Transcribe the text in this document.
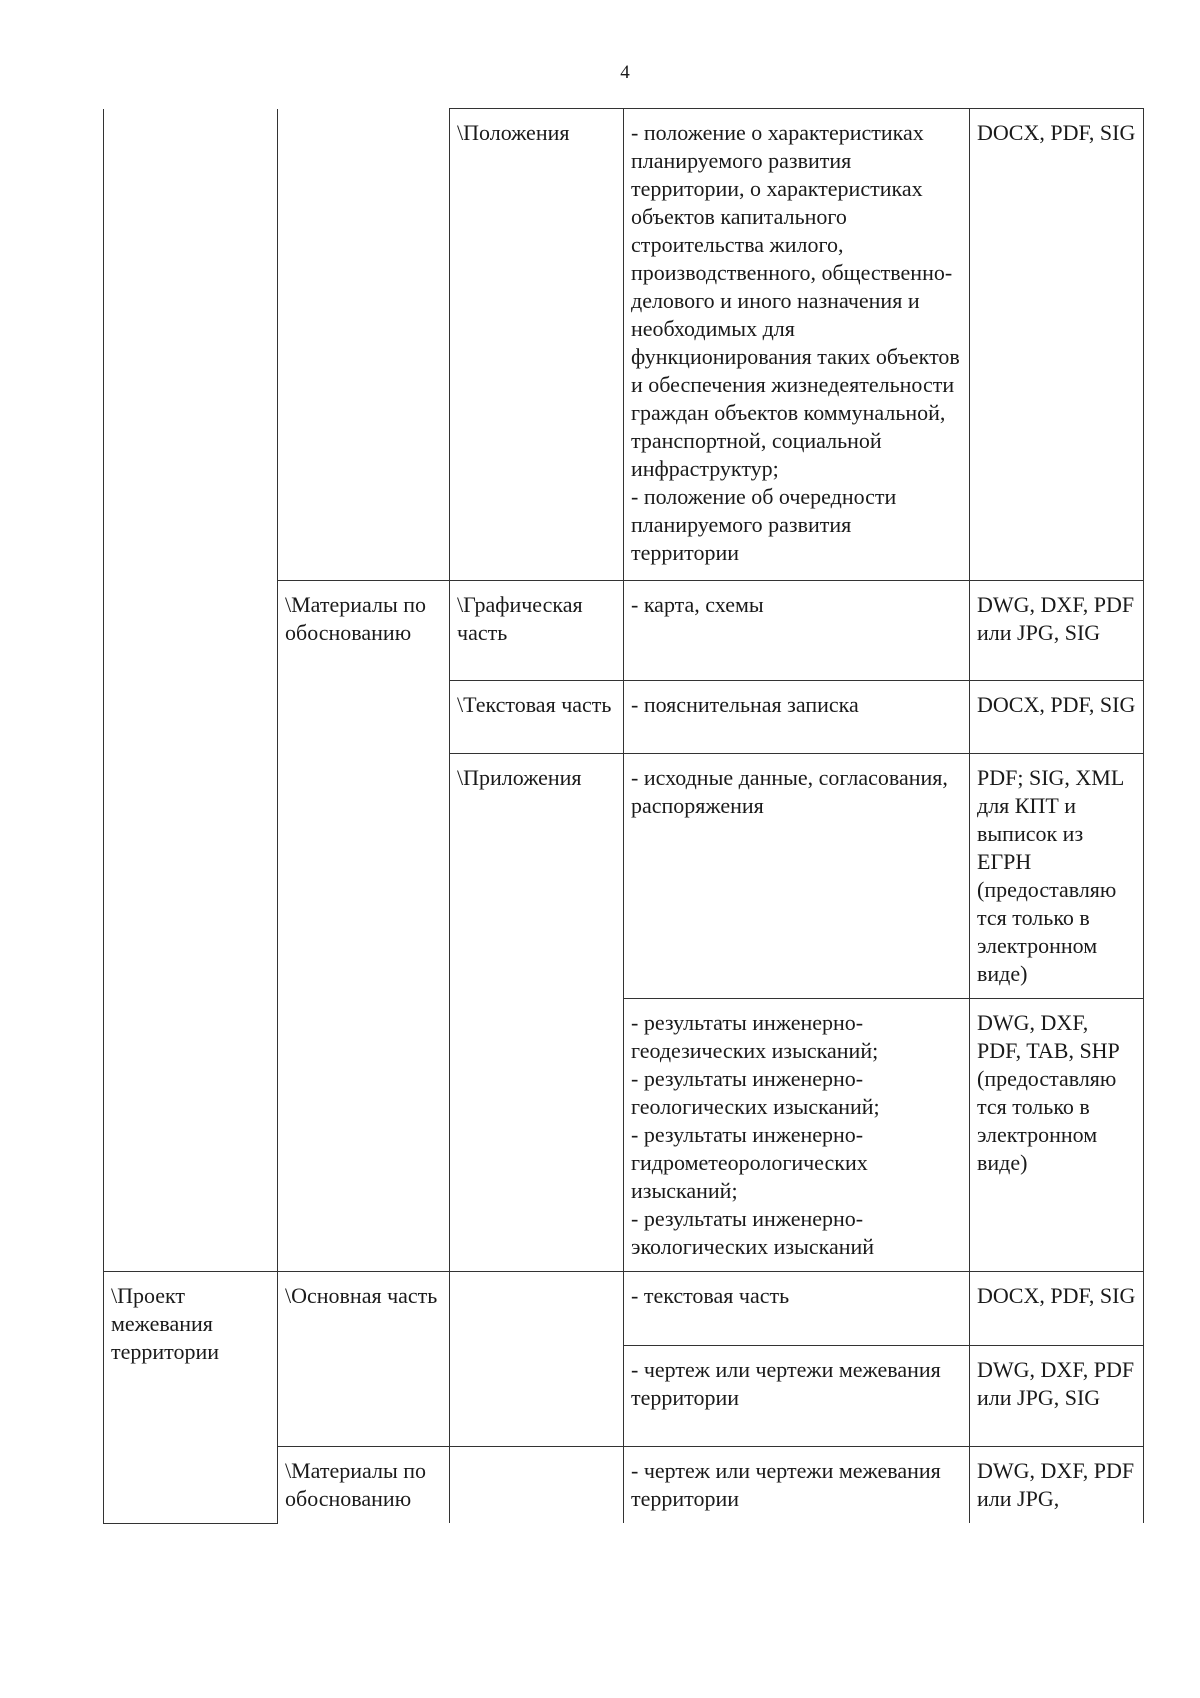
4
		\Положения	- положение о характеристиках планируемого развития территории, о характеристиках объектов капитального строительства жилого, производственного, общественно-делового и иного назначения и необходимых для функционирования таких объектов и обеспечения жизнедеятельности граждан объектов коммунальной, транспортной, социальной инфраструктур;
- положение об очередности планируемого развития территории	DOCX, PDF, SIG
	\Материалы по обоснованию	\Графическая часть	- карта, схемы	DWG, DXF, PDF или JPG, SIG
		\Текстовая часть	- пояснительная записка	DOCX, PDF, SIG
		\Приложения	- исходные данные, согласования, распоряжения	PDF; SIG, XML для КПТ и выписок из ЕГРН (предоставляю тся только в электронном виде)
			- результаты инженерно-геодезических изысканий;
- результаты инженерно-геологических изысканий;
- результаты инженерно-гидрометеорологических изысканий;
- результаты инженерно-экологических изысканий	DWG, DXF, PDF, TAB, SHP (предоставляю тся только в электронном виде)
\Проект межевания территории	\Основная часть		- текстовая часть	DOCX, PDF, SIG
			- чертеж или чертежи межевания территории	DWG, DXF, PDF или JPG, SIG
	\Материалы по обоснованию		- чертеж или чертежи межевания территории	DWG, DXF, PDF или JPG,
